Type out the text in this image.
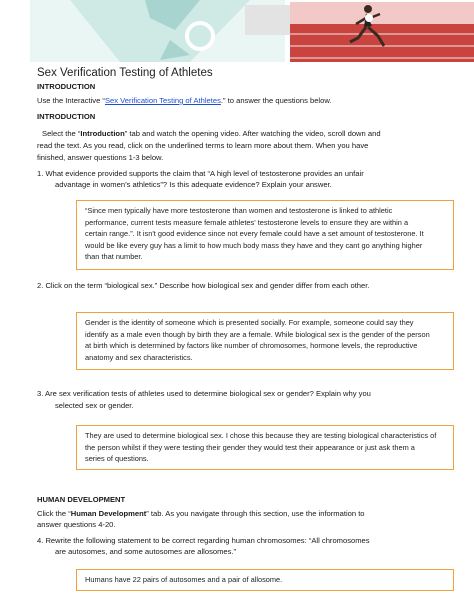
Sex Verification Testing of Athletes
INTRODUCTION
Use the Interactive “Sex Verification Testing of Athletes.” to answer the questions below.
INTRODUCTION
Select the “Introduction” tab and watch the opening video. After watching the video, scroll down and
read the text. As you read, click on the underlined terms to learn more about them. When you have
finished, answer questions 1-3 below.
1. What evidence provided supports the claim that “A high level of testosterone provides an unfair
advantage in women’s athletics”? Is this adequate evidence? Explain your answer.
“Since men typically have more testosterone than women and testosterone is linked to athletic
performance, current tests measure female athletes' testosterone levels to ensure they are within a
certain range.”. It isn't good evidence since not every female could have a set amount of testosterone. It
would be like every guy has a limit to how much body mass they have and they cant go anything higher
than that number.
2. Click on the term “biological sex.” Describe how biological sex and gender differ from each other.
Gender is the identity of someone which is presented socially. For example, someone could say they
identify as a male even though by birth they are a female. While biological sex is the gender of the person
at birth which is determined by factors like number of chromosomes, hormone levels, the reproductive
anatomy and sex characteristics.
3. Are sex verification tests of athletes used to determine biological sex or gender? Explain why you
selected sex or gender.
They are used to determine biological sex. I chose this because they are testing biological characteristics of
the person whilst if they were testing their gender they would test their appearance or just ask them a
series of questions.
HUMAN DEVELOPMENT
Click the “Human Development” tab. As you navigate through this section, use the information to
answer questions 4-20.
4. Rewrite the following statement to be correct regarding human chromosomes: “All chromosomes
are autosomes, and some autosomes are allosomes.”
Humans have 22 pairs of autosomes and a pair of allosome.
